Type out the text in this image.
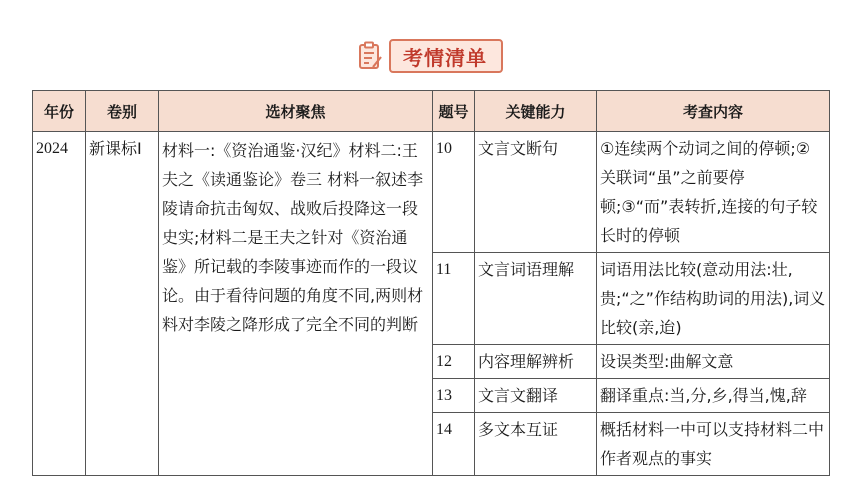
考情清单
年份	卷别	选材聚焦	题号	关键能力	考查内容
2024	新课标Ⅰ	材料一:《资治通鉴·汉纪》材料二:王夫之《读通鉴论》卷三 材料一叙述李陵请命抗击匈奴、战败后投降这一段史实;材料二是王夫之针对《资治通鉴》所记载的李陵事迹而作的一段议论。由于看待问题的角度不同,两则材料对李陵之降形成了完全不同的判断	10	文言文断句	①连续两个动词之间的停顿;②关联词“虽”之前要停顿;③“而”表转折,连接的句子较长时的停顿
			11	文言词语理解	词语用法比较(意动用法:壮,贵;“之”作结构助词的用法),词义比较(亲,迨)
			12	内容理解辨析	设误类型:曲解文意
			13	文言文翻译	翻译重点:当,分,乡,得当,愧,辞
			14	多文本互证	概括材料一中可以支持材料二中作者观点的事实
